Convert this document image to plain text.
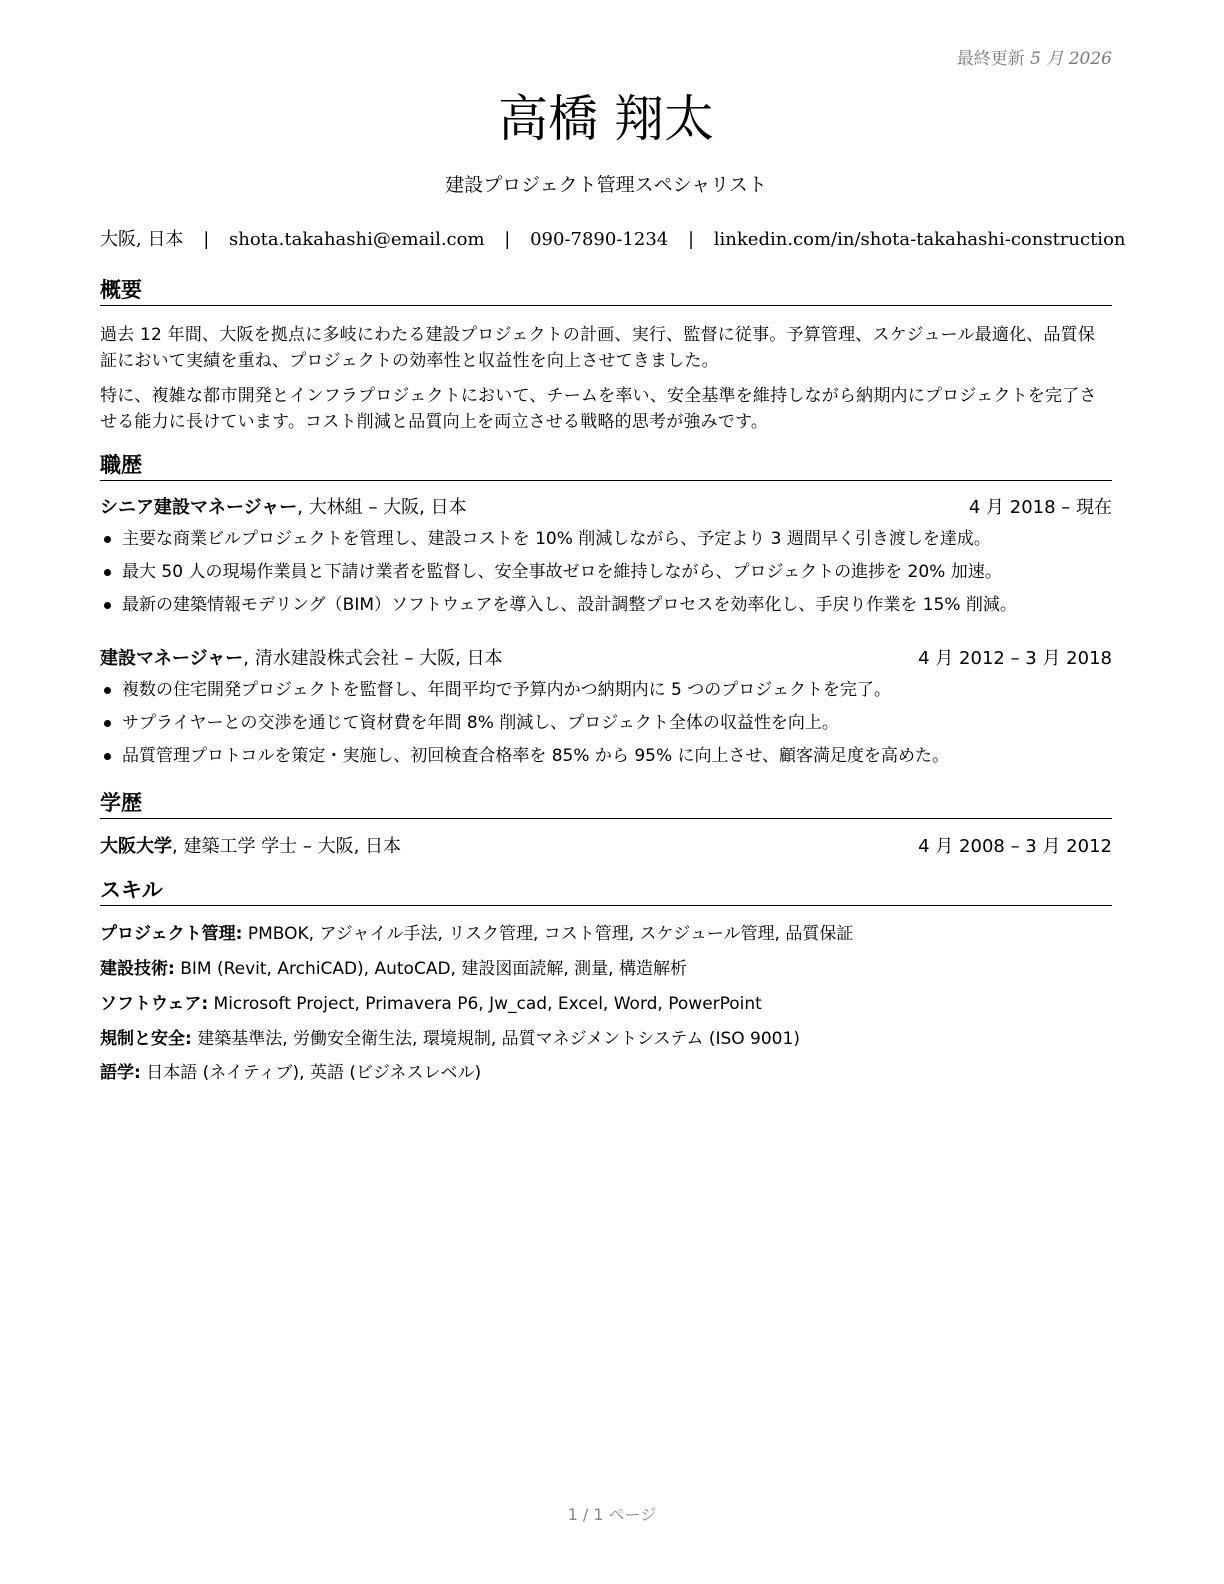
最終更新 5 月 2026
高橋 翔太
建設プロジェクト管理スペシャリスト
大阪, 日本 | shota.takahashi@email.com | 090-7890-1234 | linkedin.com/in/shota-takahashi-construction
概要
過去 12 年間、大阪を拠点に多岐にわたる建設プロジェクトの計画、実行、監督に従事。予算管理、スケジュール最適化、品質保証において実績を重ね、プロジェクトの効率性と収益性を向上させてきました。
特に、複雑な都市開発とインフラプロジェクトにおいて、チームを率い、安全基準を維持しながら納期内にプロジェクトを完了させる能力に長けています。コスト削減と品質向上を両立させる戦略的思考が強みです。
職歴
シニア建設マネージャー, 大林組 – 大阪, 日本	4 月 2018 – 現在
主要な商業ビルプロジェクトを管理し、建設コストを 10% 削減しながら、予定より 3 週間早く引き渡しを達成。
最大 50 人の現場作業員と下請け業者を監督し、安全事故ゼロを維持しながら、プロジェクトの進捗を 20% 加速。
最新の建築情報モデリング（BIM）ソフトウェアを導入し、設計調整プロセスを効率化し、手戻り作業を 15% 削減。
建設マネージャー, 清水建設株式会社 – 大阪, 日本	4 月 2012 – 3 月 2018
複数の住宅開発プロジェクトを監督し、年間平均で予算内かつ納期内に 5 つのプロジェクトを完了。
サプライヤーとの交渉を通じて資材費を年間 8% 削減し、プロジェクト全体の収益性を向上。
品質管理プロトコルを策定・実施し、初回検査合格率を 85% から 95% に向上させ、顧客満足度を高めた。
学歴
大阪大学, 建築工学 学士 – 大阪, 日本	4 月 2008 – 3 月 2012
スキル
プロジェクト管理: PMBOK, アジャイル手法, リスク管理, コスト管理, スケジュール管理, 品質保証
建設技術: BIM (Revit, ArchiCAD), AutoCAD, 建設図面読解, 測量, 構造解析
ソフトウェア: Microsoft Project, Primavera P6, Jw_cad, Excel, Word, PowerPoint
規制と安全: 建築基準法, 労働安全衛生法, 環境規制, 品質マネジメントシステム (ISO 9001)
語学: 日本語 (ネイティブ), 英語 (ビジネスレベル)
1 / 1 ページ
